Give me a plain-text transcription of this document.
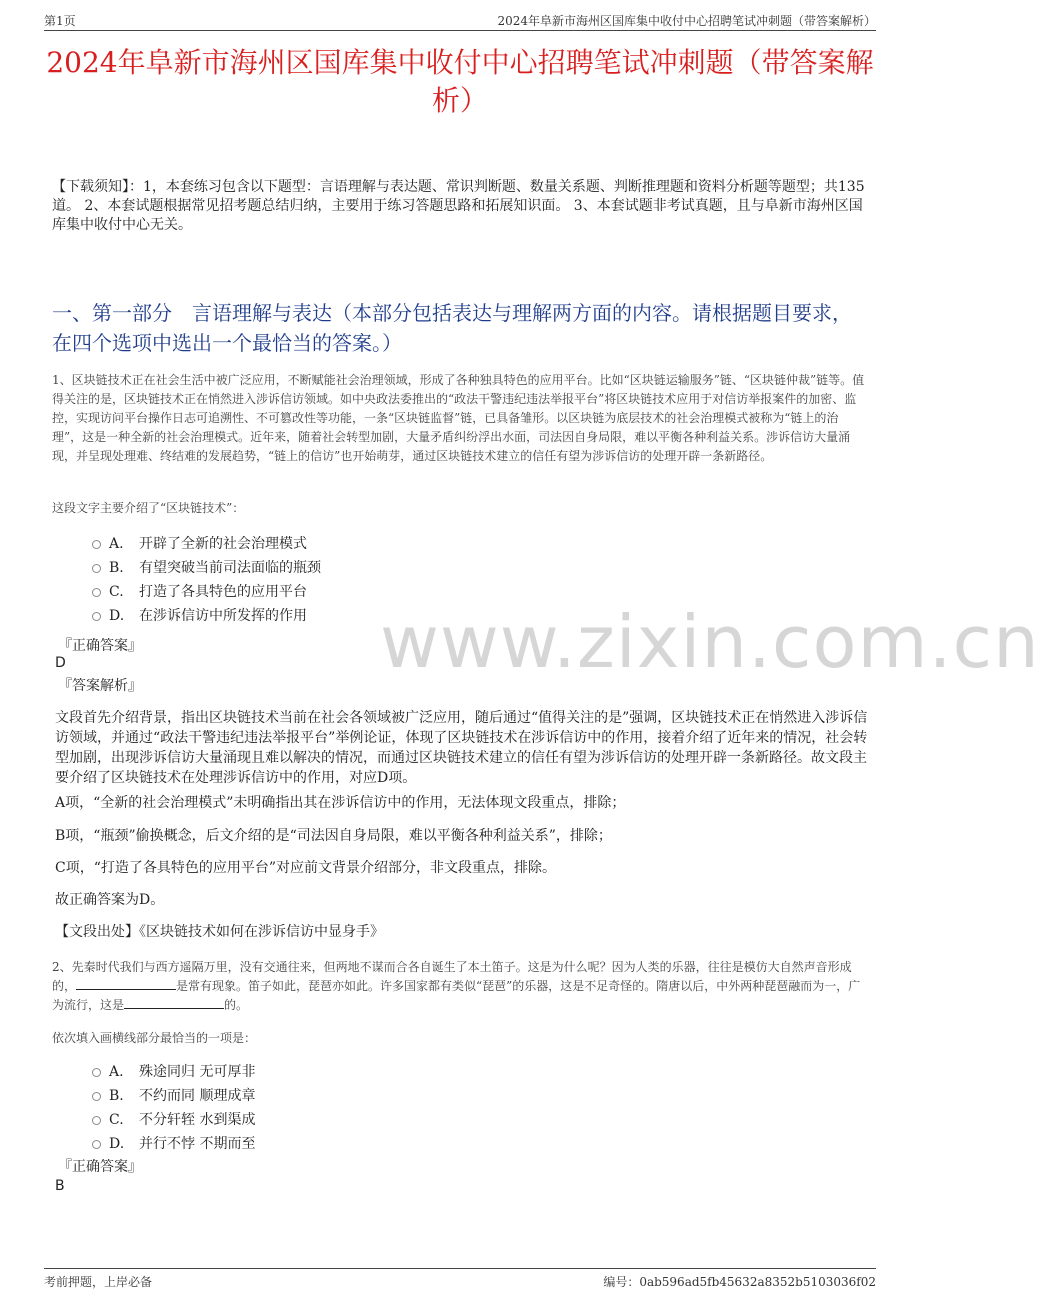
第1页	2024年阜新市海州区国库集中收付中心招聘笔试冲刺题（带答案解析）
2024年阜新市海州区国库集中收付中心招聘笔试冲刺题（带答案解析）
【下载须知】：1，本套练习包含以下题型：言语理解与表达题、常识判断题、数量关系题、判断推理题和资料分析题等题型；共135道。 2、本套试题根据常见招考题总结归纳，主要用于练习答题思路和拓展知识面。 3、本套试题非考试真题，且与阜新市海州区国库集中收付中心无关。
一、第一部分　言语理解与表达（本部分包括表达与理解两方面的内容。请根据题目要求，在四个选项中选出一个最恰当的答案。）
1、区块链技术正在社会生活中被广泛应用，不断赋能社会治理领域，形成了各种独具特色的应用平台。比如“区块链运输服务”链、“区块链仲裁”链等。值得关注的是，区块链技术正在悄然进入涉诉信访领域。如中央政法委推出的“政法干警违纪违法举报平台”将区块链技术应用于对信访举报案件的加密、监控，实现访问平台操作日志可追溯性、不可篡改性等功能，一条“区块链监督”链，已具备雏形。以区块链为底层技术的社会治理模式被称为“链上的治理”，这是一种全新的社会治理模式。近年来，随着社会转型加剧，大量矛盾纠纷浮出水面，司法因自身局限，难以平衡各种利益关系。涉诉信访大量涌现，并呈现处理难、终结难的发展趋势，“链上的信访”也开始萌芽，通过区块链技术建立的信任有望为涉诉信访的处理开辟一条新路径。
这段文字主要介绍了“区块链技术”：
A. 开辟了全新的社会治理模式
B. 有望突破当前司法面临的瓶颈
C. 打造了各具特色的应用平台
D. 在涉诉信访中所发挥的作用
『正确答案』
D
『答案解析』
文段首先介绍背景，指出区块链技术当前在社会各领域被广泛应用，随后通过“值得关注的是”强调，区块链技术正在悄然进入涉诉信访领域，并通过“政法干警违纪违法举报平台”举例论证，体现了区块链技术在涉诉信访中的作用，接着介绍了近年来的情况，社会转型加剧，出现涉诉信访大量涌现且难以解决的情况，而通过区块链技术建立的信任有望为涉诉信访的处理开辟一条新路径。故文段主要介绍了区块链技术在处理涉诉信访中的作用，对应D项。
A项，“全新的社会治理模式”未明确指出其在涉诉信访中的作用，无法体现文段重点，排除；
B项，“瓶颈”偷换概念，后文介绍的是“司法因自身局限，难以平衡各种利益关系”，排除；
C项，“打造了各具特色的应用平台”对应前文背景介绍部分，非文段重点，排除。
故正确答案为D。
【文段出处】《区块链技术如何在涉诉信访中显身手》
2、先秦时代我们与西方遥隔万里，没有交通往来，但两地不谋而合各自诞生了本土笛子。这是为什么呢？因为人类的乐器，往往是模仿大自然声音形成的，	是常有现象。笛子如此，琵琶亦如此。许多国家都有类似“琵琶”的乐器，这是不足奇怪的。隋唐以后，中外两种琵琶融而为一，广为流行，这是	的。
依次填入画横线部分最恰当的一项是：
A. 殊途同归 无可厚非
B. 不约而同 顺理成章
C. 不分轩轾 水到渠成
D. 并行不悖 不期而至
『正确答案』
B
www.zixin.com.cn
考前押题，上岸必备	编号：0ab596ad5fb45632a8352b5103036f02
